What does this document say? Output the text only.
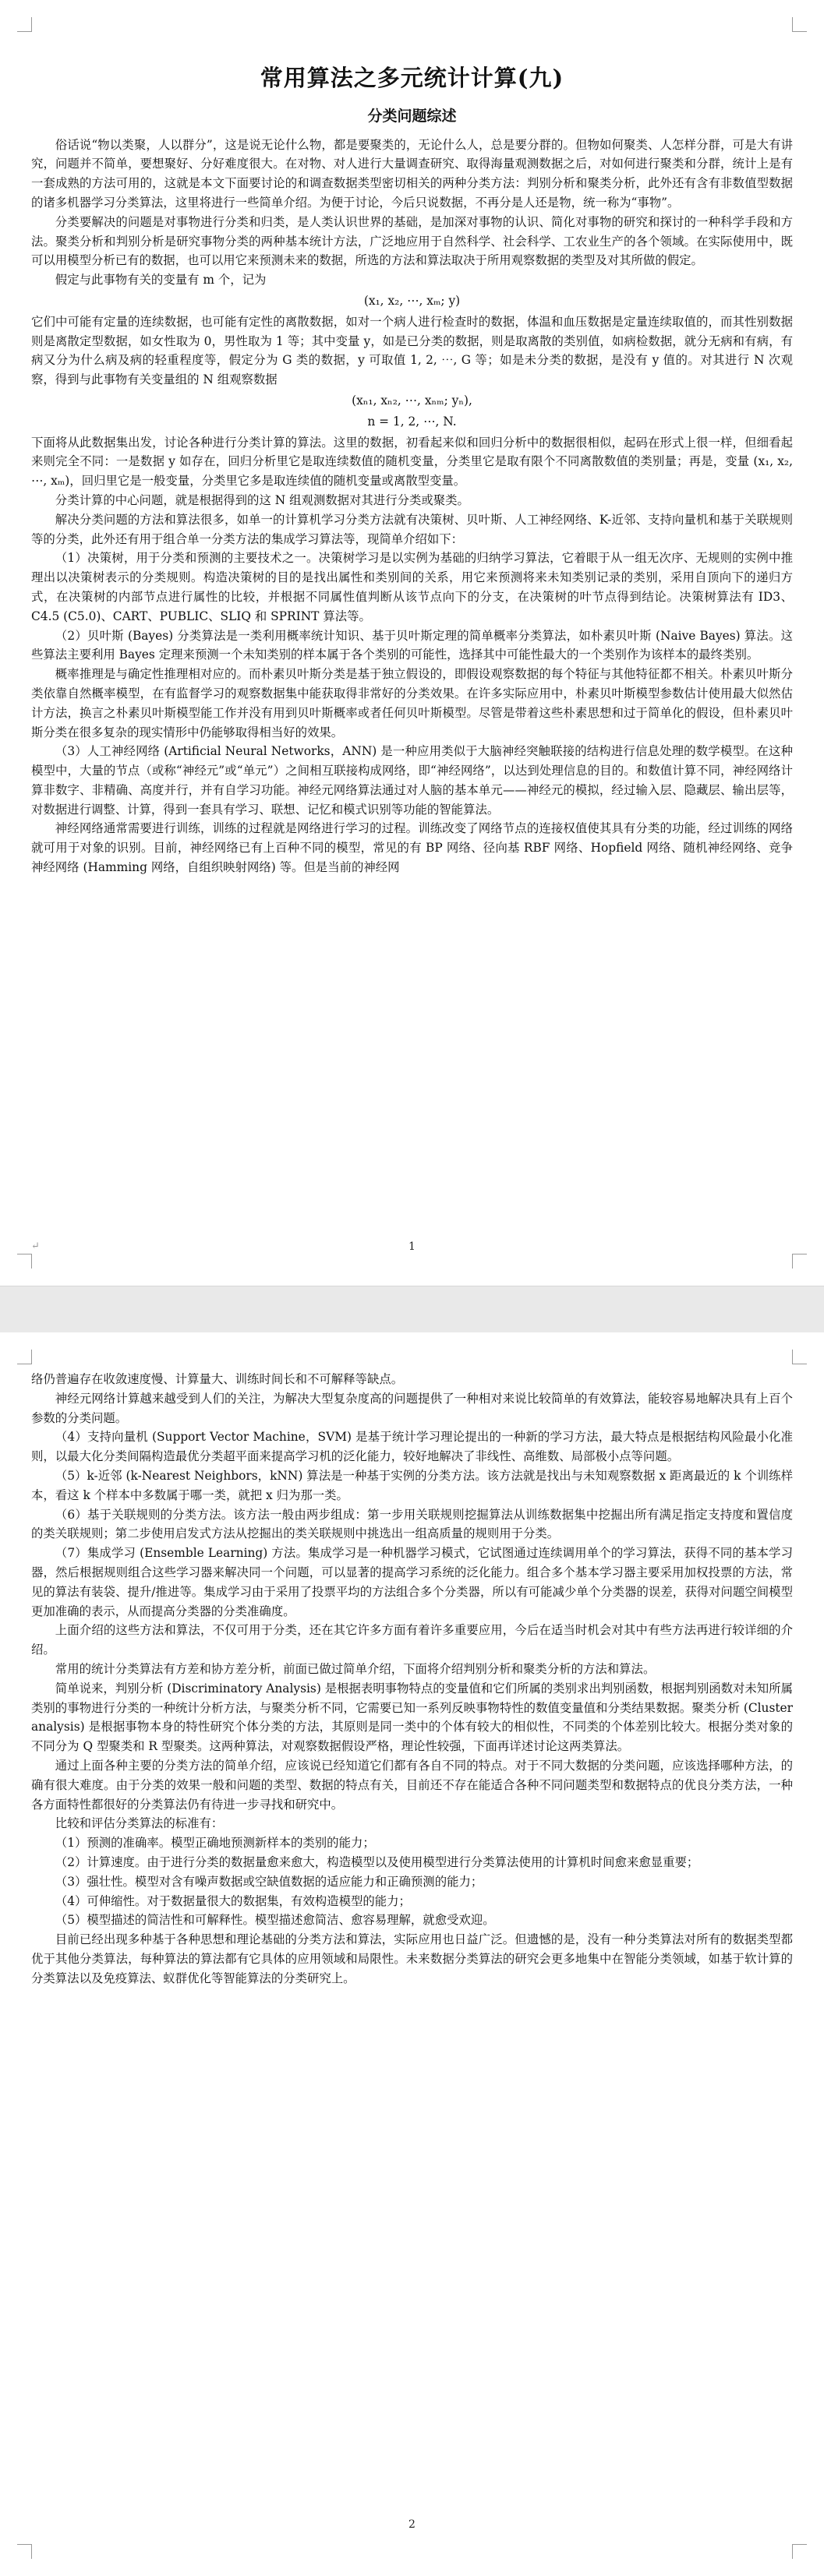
常用算法之多元统计计算(九)
分类问题综述

俗话说“物以类聚，人以群分”，这是说无论什么物，都是要聚类的，无论什么人，总是要分群的。但物如何聚类、人怎样分群，可是大有讲究，问题并不简单，要想聚好、分好难度很大。在对物、对人进行大量调查研究、取得海量观测数据之后，对如何进行聚类和分群，统计上是有一套成熟的方法可用的，这就是本文下面要讨论的和调查数据类型密切相关的两种分类方法：判别分析和聚类分析，此外还有含有非数值型数据的诸多机器学习分类算法，这里将进行一些简单介绍。为便于讨论，今后只说数据，不再分是人还是物，统一称为“事物”。

分类要解决的问题是对事物进行分类和归类，是人类认识世界的基础，是加深对事物的认识、简化对事物的研究和探讨的一种科学手段和方法。聚类分析和判别分析是研究事物分类的两种基本统计方法，广泛地应用于自然科学、社会科学、工农业生产的各个领域。在实际使用中，既可以用模型分析已有的数据，也可以用它来预测未来的数据，所选的方法和算法取决于所用观察数据的类型及对其所做的假定。

假定与此事物有关的变量有 m 个，记为

(x₁, x₂, ⋯, xₘ; y)

它们中可能有定量的连续数据，也可能有定性的离散数据，如对一个病人进行检查时的数据，体温和血压数据是定量连续取值的，而其性别数据则是离散定型数据，如女性取为 0，男性取为 1 等；其中变量 y，如是已分类的数据，则是取离散的类别值，如病检数据，就分无病和有病，有病又分为什么病及病的轻重程度等，假定分为 G 类的数据，y 可取值 1, 2, ⋯, G 等；如是未分类的数据，是没有 y 值的。对其进行 N 次观察，得到与此事物有关变量组的 N 组观察数据

(xₙ₁, xₙ₂, ⋯, xₙₘ; yₙ),

n = 1, 2, ⋯, N.

下面将从此数据集出发，讨论各种进行分类计算的算法。这里的数据，初看起来似和回归分析中的数据很相似，起码在形式上很一样，但细看起来则完全不同：一是数据 y 如存在，回归分析里它是取连续数值的随机变量，分类里它是取有限个不同离散数值的类别量；再是，变量 (x₁, x₂, ⋯, xₘ)，回归里它是一般变量，分类里它多是取连续值的随机变量或离散型变量。

分类计算的中心问题，就是根据得到的这 N 组观测数据对其进行分类或聚类。

解决分类问题的方法和算法很多，如单一的计算机学习分类方法就有决策树、贝叶斯、人工神经网络、K-近邻、支持向量机和基于关联规则等的分类，此外还有用于组合单一分类方法的集成学习算法等，现简单介绍如下：

（1）决策树，用于分类和预测的主要技术之一。决策树学习是以实例为基础的归纳学习算法，它着眼于从一组无次序、无规则的实例中推理出以决策树表示的分类规则。构造决策树的目的是找出属性和类别间的关系，用它来预测将来未知类别记录的类别，采用自顶向下的递归方式，在决策树的内部节点进行属性的比较，并根据不同属性值判断从该节点向下的分支，在决策树的叶节点得到结论。决策树算法有 ID3、C4.5 (C5.0)、CART、PUBLIC、SLIQ 和 SPRINT 算法等。

（2）贝叶斯 (Bayes) 分类算法是一类利用概率统计知识、基于贝叶斯定理的简单概率分类算法，如朴素贝叶斯 (Naive Bayes) 算法。这些算法主要利用 Bayes 定理来预测一个未知类别的样本属于各个类别的可能性，选择其中可能性最大的一个类别作为该样本的最终类别。

概率推理是与确定性推理相对应的。而朴素贝叶斯分类是基于独立假设的，即假设观察数据的每个特征与其他特征都不相关。朴素贝叶斯分类依靠自然概率模型，在有监督学习的观察数据集中能获取得非常好的分类效果。在许多实际应用中，朴素贝叶斯模型参数估计使用最大似然估计方法，换言之朴素贝叶斯模型能工作并没有用到贝叶斯概率或者任何贝叶斯模型。尽管是带着这些朴素思想和过于简单化的假设，但朴素贝叶斯分类在很多复杂的现实情形中仍能够取得相当好的效果。

（3）人工神经网络 (Artificial Neural Networks，ANN) 是一种应用类似于大脑神经突触联接的结构进行信息处理的数学模型。在这种模型中，大量的节点（或称“神经元”或“单元”）之间相互联接构成网络，即“神经网络”，以达到处理信息的目的。和数值计算不同，神经网络计算非数字、非精确、高度并行，并有自学习功能。神经元网络算法通过对人脑的基本单元——神经元的模拟，经过输入层、隐藏层、输出层等，对数据进行调整、计算，得到一套具有学习、联想、记忆和模式识别等功能的智能算法。

神经网络通常需要进行训练，训练的过程就是网络进行学习的过程。训练改变了网络节点的连接权值使其具有分类的功能，经过训练的网络就可用于对象的识别。目前，神经网络已有上百种不同的模型，常见的有 BP 网络、径向基 RBF 网络、Hopfield 网络、随机神经网络、竞争神经网络 (Hamming 网络，自组织映射网络) 等。但是当前的神经网

↵	1

络仍普遍存在收敛速度慢、计算量大、训练时间长和不可解释等缺点。

神经元网络计算越来越受到人们的关注，为解决大型复杂度高的问题提供了一种相对来说比较简单的有效算法，能较容易地解决具有上百个参数的分类问题。

（4）支持向量机 (Support Vector Machine，SVM) 是基于统计学习理论提出的一种新的学习方法，最大特点是根据结构风险最小化准则，以最大化分类间隔构造最优分类超平面来提高学习机的泛化能力，较好地解决了非线性、高维数、局部极小点等问题。

（5）k-近邻 (k-Nearest Neighbors，kNN) 算法是一种基于实例的分类方法。该方法就是找出与未知观察数据 x 距离最近的 k 个训练样本，看这 k 个样本中多数属于哪一类，就把 x 归为那一类。

（6）基于关联规则的分类方法。该方法一般由两步组成：第一步用关联规则挖掘算法从训练数据集中挖掘出所有满足指定支持度和置信度的类关联规则；第二步使用启发式方法从挖掘出的类关联规则中挑选出一组高质量的规则用于分类。

（7）集成学习 (Ensemble Learning) 方法。集成学习是一种机器学习模式，它试图通过连续调用单个的学习算法，获得不同的基本学习器，然后根据规则组合这些学习器来解决同一个问题，可以显著的提高学习系统的泛化能力。组合多个基本学习器主要采用加权投票的方法，常见的算法有装袋、提升/推进等。集成学习由于采用了投票平均的方法组合多个分类器，所以有可能减少单个分类器的误差，获得对问题空间模型更加准确的表示，从而提高分类器的分类准确度。

上面介绍的这些方法和算法，不仅可用于分类，还在其它许多方面有着许多重要应用，今后在适当时机会对其中有些方法再进行较详细的介绍。

常用的统计分类算法有方差和协方差分析，前面已做过简单介绍，下面将介绍判别分析和聚类分析的方法和算法。

简单说来，判别分析 (Discriminatory Analysis) 是根据表明事物特点的变量值和它们所属的类别求出判别函数，根据判别函数对未知所属类别的事物进行分类的一种统计分析方法，与聚类分析不同，它需要已知一系列反映事物特性的数值变量值和分类结果数据。聚类分析 (Cluster analysis) 是根据事物本身的特性研究个体分类的方法，其原则是同一类中的个体有较大的相似性，不同类的个体差别比较大。根据分类对象的不同分为 Q 型聚类和 R 型聚类。这两种算法，对观察数据假设严格，理论性较强，下面再详述讨论这两类算法。

通过上面各种主要的分类方法的简单介绍，应该说已经知道它们都有各自不同的特点。对于不同大数据的分类问题，应该选择哪种方法，的确有很大难度。由于分类的效果一般和问题的类型、数据的特点有关，目前还不存在能适合各种不同问题类型和数据特点的优良分类方法，一种各方面特性都很好的分类算法仍有待进一步寻找和研究中。

比较和评估分类算法的标准有：

（1）预测的准确率。模型正确地预测新样本的类别的能力；

（2）计算速度。由于进行分类的数据量愈来愈大，构造模型以及使用模型进行分类算法使用的计算机时间愈来愈显重要；

（3）强壮性。模型对含有噪声数据或空缺值数据的适应能力和正确预测的能力；

（4）可伸缩性。对于数据量很大的数据集，有效构造模型的能力；

（5）模型描述的简洁性和可解释性。模型描述愈简洁、愈容易理解，就愈受欢迎。

目前已经出现多种基于各种思想和理论基础的分类方法和算法，实际应用也日益广泛。但遗憾的是，没有一种分类算法对所有的数据类型都优于其他分类算法，每种算法的算法都有它具体的应用领域和局限性。未来数据分类算法的研究会更多地集中在智能分类领域，如基于软计算的分类算法以及免疫算法、蚁群优化等智能算法的分类研究上。

2
